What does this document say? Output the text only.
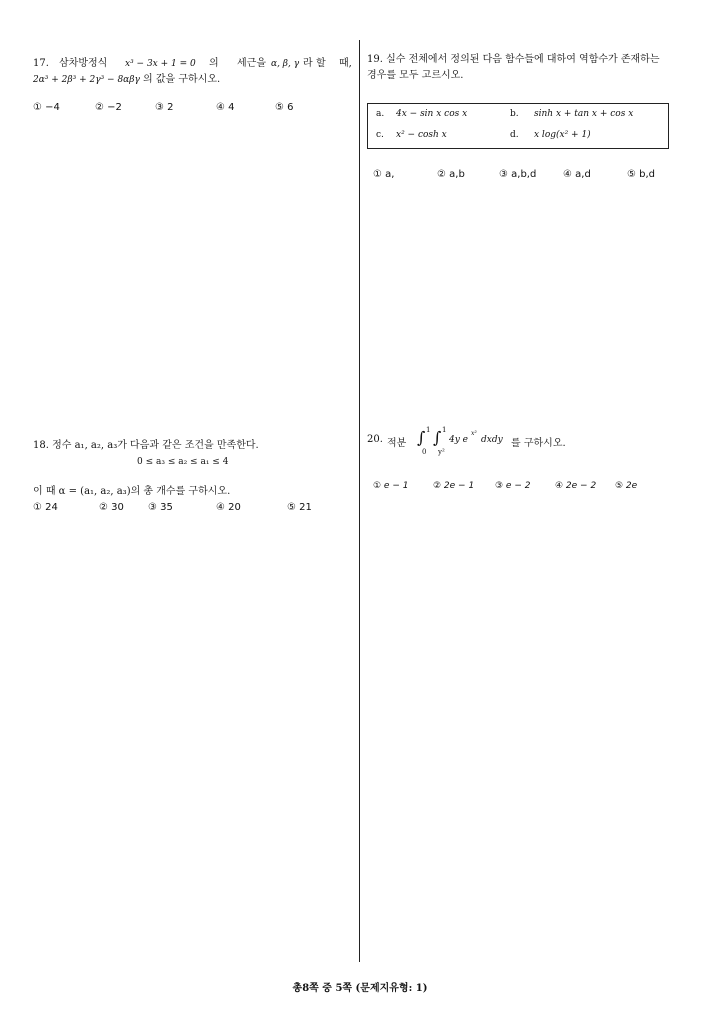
17. 삼차방정식 x³ − 3x + 1 = 0 의 세근을 α, β, γ 라 할 때,
2α³ + 2β³ + 2γ³ − 8αβγ 의 값을 구하시오.
① −4	② −2	③ 2	④ 4	⑤ 6
19. 실수 전체에서 정의된 다음 함수들에 대하여 역함수가 존재하는
경우를 모두 고르시오.
a. 4x − sin x cos x	b. sinh x + tan x + cos x
c. x² − cosh x	d. x log(x² + 1)
① a,	② a,b	③ a,b,d	④ a,d	⑤ b,d
18. 정수 a₁, a₂, a₃가 다음과 같은 조건을 만족한다.
0 ≤ a₃ ≤ a₂ ≤ a₁ ≤ 4
이 때 α = (a₁, a₂, a₃)의 총 개수를 구하시오.
① 24	② 30 ③ 35	④ 20	⑤ 21
20. 적분 ∫ 1
0
∫ 1
y²
4y e
x²
dxdy 를 구하시오.
① e − 1	② 2e − 1 ③ e − 2	④ 2e − 2 ⑤ 2e
총8쪽 중 5쪽 (문제지유형: 1)
